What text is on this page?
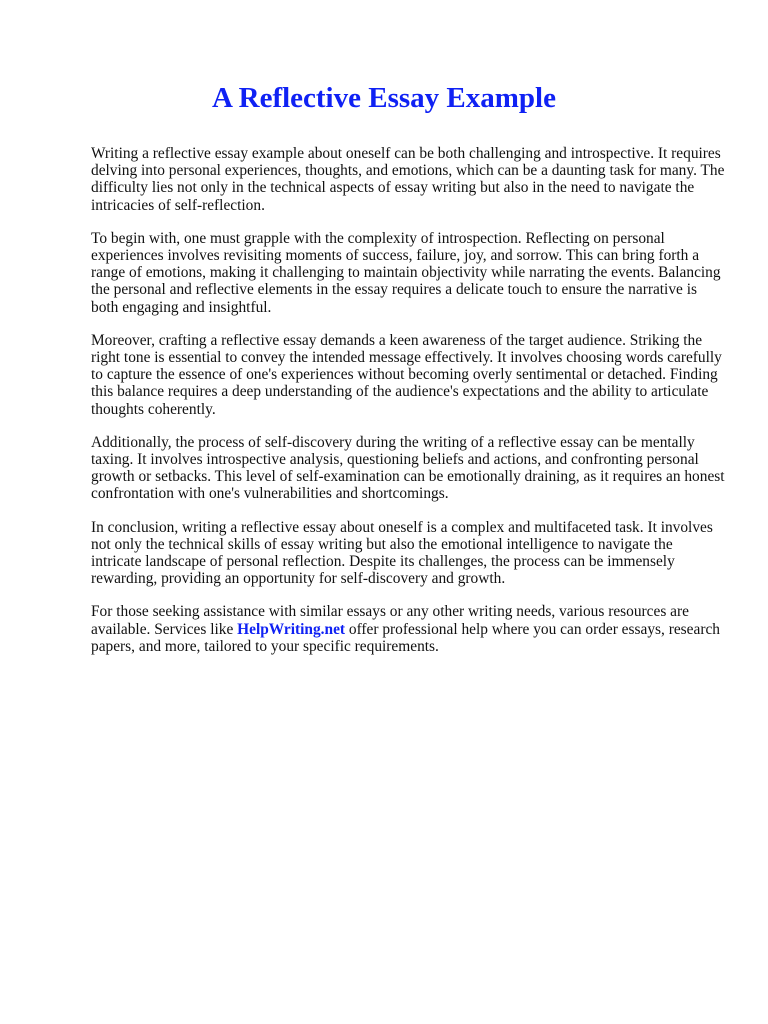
A Reflective Essay Example

Writing a reflective essay example about oneself can be both challenging and introspective. It requires delving into personal experiences, thoughts, and emotions, which can be a daunting task for many. The difficulty lies not only in the technical aspects of essay writing but also in the need to navigate the intricacies of self-reflection.

To begin with, one must grapple with the complexity of introspection. Reflecting on personal experiences involves revisiting moments of success, failure, joy, and sorrow. This can bring forth a range of emotions, making it challenging to maintain objectivity while narrating the events. Balancing the personal and reflective elements in the essay requires a delicate touch to ensure the narrative is both engaging and insightful.

Moreover, crafting a reflective essay demands a keen awareness of the target audience. Striking the right tone is essential to convey the intended message effectively. It involves choosing words carefully to capture the essence of one's experiences without becoming overly sentimental or detached. Finding this balance requires a deep understanding of the audience's expectations and the ability to articulate thoughts coherently.

Additionally, the process of self-discovery during the writing of a reflective essay can be mentally taxing. It involves introspective analysis, questioning beliefs and actions, and confronting personal growth or setbacks. This level of self-examination can be emotionally draining, as it requires an honest confrontation with one's vulnerabilities and shortcomings.

In conclusion, writing a reflective essay about oneself is a complex and multifaceted task. It involves not only the technical skills of essay writing but also the emotional intelligence to navigate the intricate landscape of personal reflection. Despite its challenges, the process can be immensely rewarding, providing an opportunity for self-discovery and growth.

For those seeking assistance with similar essays or any other writing needs, various resources are available. Services like HelpWriting.net offer professional help where you can order essays, research papers, and more, tailored to your specific requirements.
